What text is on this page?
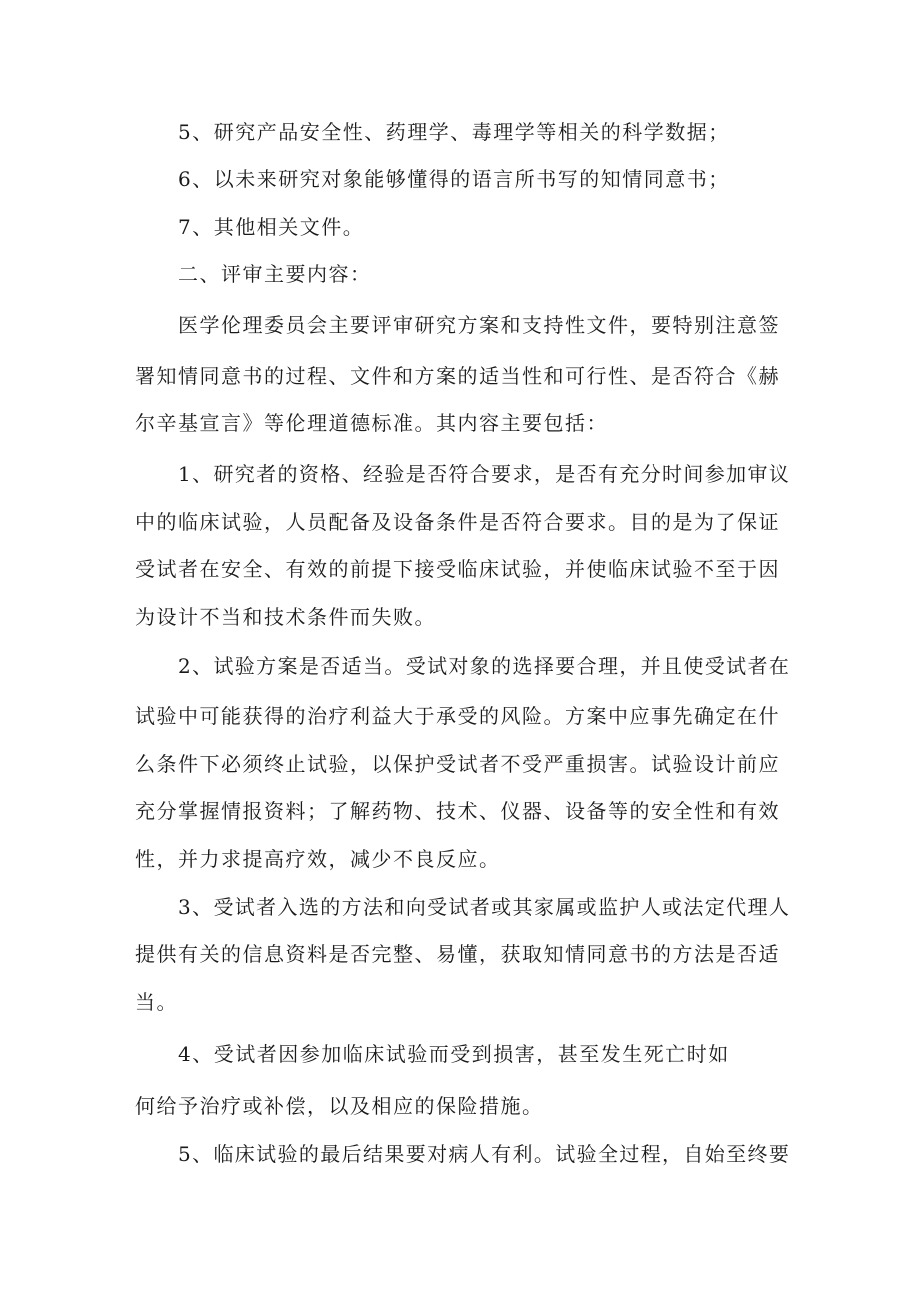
5、研究产品安全性、药理学、毒理学等相关的科学数据；
6、以未来研究对象能够懂得的语言所书写的知情同意书；
7、其他相关文件。
二、评审主要内容：
医学伦理委员会主要评审研究方案和支持性文件，要特别注意签
署知情同意书的过程、文件和方案的适当性和可行性、是否符合《赫
尔辛基宣言》等伦理道德标准。其内容主要包括：
1、研究者的资格、经验是否符合要求，是否有充分时间参加审议
中的临床试验，人员配备及设备条件是否符合要求。目的是为了保证
受试者在安全、有效的前提下接受临床试验，并使临床试验不至于因
为设计不当和技术条件而失败。
2、试验方案是否适当。受试对象的选择要合理，并且使受试者在
试验中可能获得的治疗利益大于承受的风险。方案中应事先确定在什
么条件下必须终止试验，以保护受试者不受严重损害。试验设计前应
充分掌握情报资料；了解药物、技术、仪器、设备等的安全性和有效
性，并力求提高疗效，减少不良反应。
3、受试者入选的方法和向受试者或其家属或监护人或法定代理人
提供有关的信息资料是否完整、易懂，获取知情同意书的方法是否适
当。
4、受试者因参加临床试验而受到损害，甚至发生死亡时如
何给予治疗或补偿，以及相应的保险措施。
5、临床试验的最后结果要对病人有利。试验全过程，自始至终要
